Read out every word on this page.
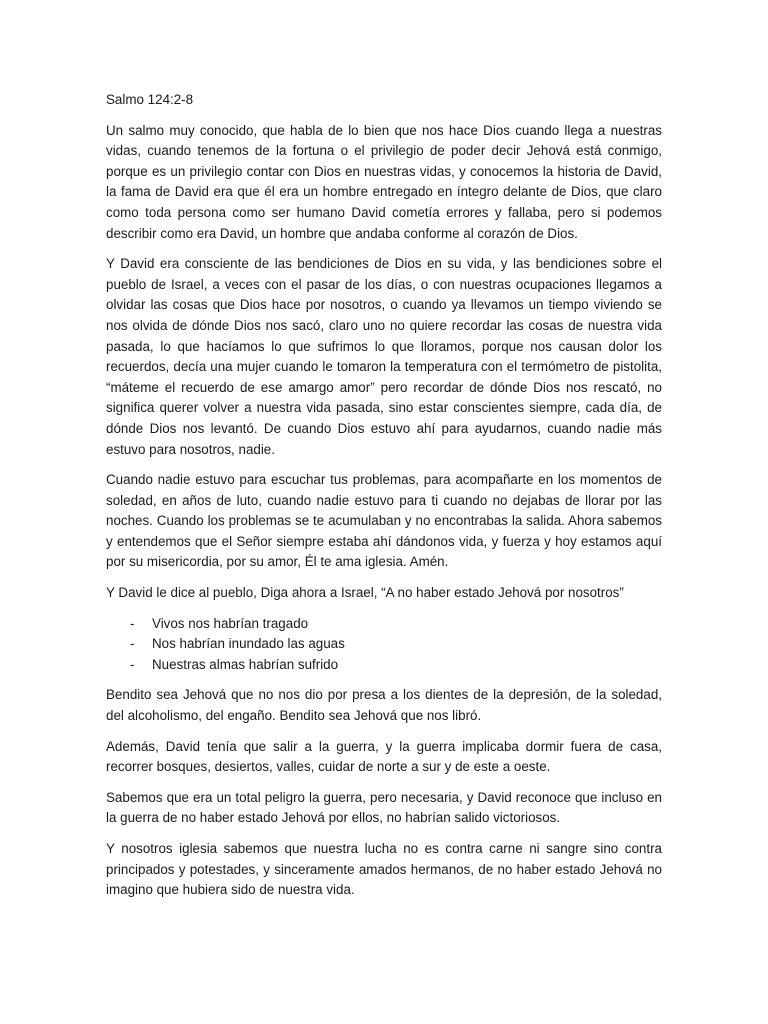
Salmo 124:2-8

Un salmo muy conocido, que habla de lo bien que nos hace Dios cuando llega a nuestras vidas, cuando tenemos de la fortuna o el privilegio de poder decir Jehová está conmigo, porque es un privilegio contar con Dios en nuestras vidas, y conocemos la historia de David, la fama de David era que él era un hombre entregado en íntegro delante de Dios, que claro como toda persona como ser humano David cometía errores y fallaba, pero si podemos describir como era David, un hombre que andaba conforme al corazón de Dios.

Y David era consciente de las bendiciones de Dios en su vida, y las bendiciones sobre el pueblo de Israel, a veces con el pasar de los días, o con nuestras ocupaciones llegamos a olvidar las cosas que Dios hace por nosotros, o cuando ya llevamos un tiempo viviendo se nos olvida de dónde Dios nos sacó, claro uno no quiere recordar las cosas de nuestra vida pasada, lo que hacíamos lo que sufrimos lo que lloramos, porque nos causan dolor los recuerdos, decía una mujer cuando le tomaron la temperatura con el termómetro de pistolita, “máteme el recuerdo de ese amargo amor” pero recordar de dónde Dios nos rescató, no significa querer volver a nuestra vida pasada, sino estar conscientes siempre, cada día, de dónde Dios nos levantó. De cuando Dios estuvo ahí para ayudarnos, cuando nadie más estuvo para nosotros, nadie.

Cuando nadie estuvo para escuchar tus problemas, para acompañarte en los momentos de soledad, en años de luto, cuando nadie estuvo para ti cuando no dejabas de llorar por las noches. Cuando los problemas se te acumulaban y no encontrabas la salida. Ahora sabemos y entendemos que el Señor siempre estaba ahí dándonos vida, y fuerza y hoy estamos aquí por su misericordia, por su amor, Él te ama iglesia. Amén.

Y David le dice al pueblo, Diga ahora a Israel, “A no haber estado Jehová por nosotros”

- Vivos nos habrían tragado
- Nos habrían inundado las aguas
- Nuestras almas habrían sufrido

Bendito sea Jehová que no nos dio por presa a los dientes de la depresión, de la soledad, del alcoholismo, del engaño. Bendito sea Jehová que nos libró.

Además, David tenía que salir a la guerra, y la guerra implicaba dormir fuera de casa, recorrer bosques, desiertos, valles, cuidar de norte a sur y de este a oeste.

Sabemos que era un total peligro la guerra, pero necesaria, y David reconoce que incluso en la guerra de no haber estado Jehová por ellos, no habrían salido victoriosos.

Y nosotros iglesia sabemos que nuestra lucha no es contra carne ni sangre sino contra principados y potestades, y sinceramente amados hermanos, de no haber estado Jehová no imagino que hubiera sido de nuestra vida.
